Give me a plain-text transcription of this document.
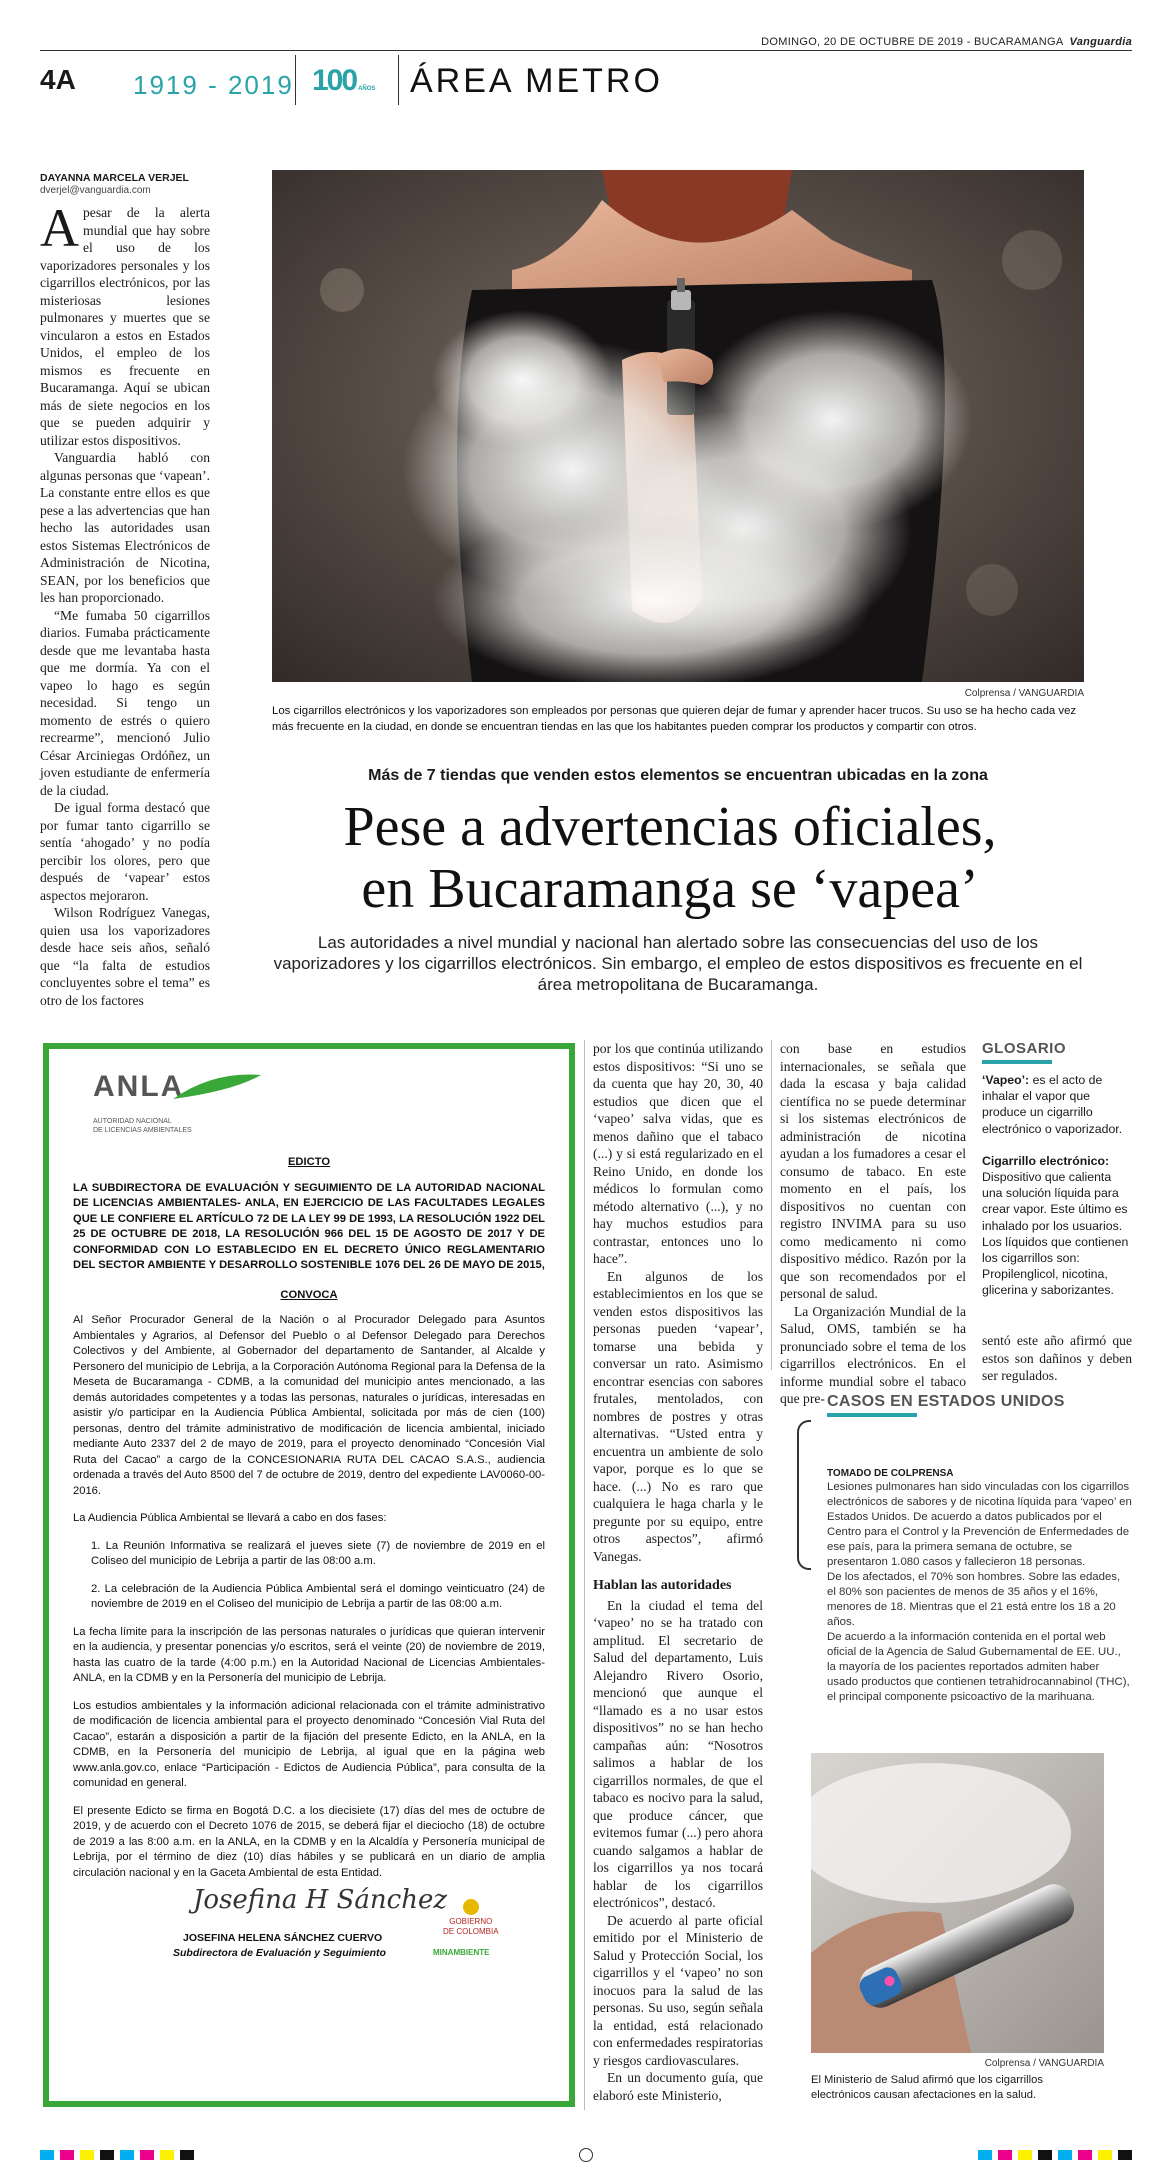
DOMINGO, 20 DE OCTUBRE DE 2019 - BUCARAMANGA Vanguardia
4A 1919 - 2019 100 AÑOS ÁREA METRO
DAYANNA MARCELA VERJEL
dverjel@vanguardia.com

Apesar de la alerta mundial que hay sobre el uso de los vaporizadores personales y los cigarrillos electrónicos, por las misteriosas lesiones pulmonares y muertes que se vincularon a estos en Estados Unidos, el empleo de los mismos es frecuente en Bucaramanga. Aquí se ubican más de siete negocios en los que se pueden adquirir y utilizar estos dispositivos.

Vanguardia habló con algunas personas que ‘vapean’. La constante entre ellos es que pese a las advertencias que han hecho las autoridades usan estos Sistemas Electrónicos de Administración de Nicotina, SEAN, por los beneficios que les han proporcionado.

“Me fumaba 50 cigarrillos diarios. Fumaba prácticamente desde que me levantaba hasta que me dormía. Ya con el vapeo lo hago es según necesidad. Si tengo un momento de estrés o quiero recrearme”, mencionó Julio César Arciniegas Ordóñez, un joven estudiante de enfermería de la ciudad.

De igual forma destacó que por fumar tanto cigarrillo se sentía ‘ahogado’ y no podía percibir los olores, pero que después de ‘vapear’ estos aspectos mejoraron.

Wilson Rodríguez Vanegas, quien usa los vaporizadores desde hace seis años, señaló que “la falta de estudios concluyentes sobre el tema” es otro de los factores

Colprensa / VANGUARDIA
Los cigarrillos electrónicos y los vaporizadores son empleados por personas que quieren dejar de fumar y aprender hacer trucos. Su uso se ha hecho cada vez más frecuente en la ciudad, en donde se encuentran tiendas en las que los habitantes pueden comprar los productos y compartir con otros.
Más de 7 tiendas que venden estos elementos se encuentran ubicadas en la zona
Pese a advertencias oficiales,
en Bucaramanga se ‘vapea’
Las autoridades a nivel mundial y nacional han alertado sobre las consecuencias del uso de los vaporizadores y los cigarrillos electrónicos. Sin embargo, el empleo de estos dispositivos es frecuente en el área metropolitana de Bucaramanga.
ANLA
AUTORIDAD NACIONAL
DE LICENCIAS AMBIENTALES
EDICTO

LA SUBDIRECTORA DE EVALUACIÓN Y SEGUIMIENTO DE LA AUTORIDAD NACIONAL DE LICENCIAS AMBIENTALES- ANLA, EN EJERCICIO DE LAS FACULTADES LEGALES QUE LE CONFIERE EL ARTÍCULO 72 DE LA LEY 99 DE 1993, LA RESOLUCIÓN 1922 DEL 25 DE OCTUBRE DE 2018, LA RESOLUCIÓN 966 DEL 15 DE AGOSTO DE 2017 Y DE CONFORMIDAD CON LO ESTABLECIDO EN EL DECRETO ÚNICO REGLAMENTARIO DEL SECTOR AMBIENTE Y DESARROLLO SOSTENIBLE 1076 DEL 26 DE MAYO DE 2015,

CONVOCA

Al Señor Procurador General de la Nación o al Procurador Delegado para Asuntos Ambientales y Agrarios, al Defensor del Pueblo o al Defensor Delegado para Derechos Colectivos y del Ambiente, al Gobernador del departamento de Santander, al Alcalde y Personero del municipio de Lebrija, a la Corporación Autónoma Regional para la Defensa de la Meseta de Bucaramanga - CDMB, a la comunidad del municipio antes mencionado, a las demás autoridades competentes y a todas las personas, naturales o jurídicas, interesadas en asistir y/o participar en la Audiencia Pública Ambiental, solicitada por más de cien (100) personas, dentro del trámite administrativo de modificación de licencia ambiental, iniciado mediante Auto 2337 del 2 de mayo de 2019, para el proyecto denominado “Concesión Vial Ruta del Cacao” a cargo de la CONCESIONARIA RUTA DEL CACAO S.A.S., audiencia ordenada a través del Auto 8500 del 7 de octubre de 2019, dentro del expediente LAV0060-00-2016.

La Audiencia Pública Ambiental se llevará a cabo en dos fases:

1. La Reunión Informativa se realizará el jueves siete (7) de noviembre de 2019 en el Coliseo del municipio de Lebrija a partir de las 08:00 a.m.

2. La celebración de la Audiencia Pública Ambiental será el domingo veinticuatro (24) de noviembre de 2019 en el Coliseo del municipio de Lebrija a partir de las 08:00 a.m.

La fecha límite para la inscripción de las personas naturales o jurídicas que quieran intervenir en la audiencia, y presentar ponencias y/o escritos, será el veinte (20) de noviembre de 2019, hasta las cuatro de la tarde (4:00 p.m.) en la Autoridad Nacional de Licencias Ambientales- ANLA, en la CDMB y en la Personería del municipio de Lebrija.

Los estudios ambientales y la información adicional relacionada con el trámite administrativo de modificación de licencia ambiental para el proyecto denominado “Concesión Vial Ruta del Cacao”, estarán a disposición a partir de la fijación del presente Edicto, en la ANLA, en la CDMB, en la Personería del municipio de Lebrija, al igual que en la página web www.anla.gov.co, enlace “Participación - Edictos de Audiencia Pública”, para consulta de la comunidad en general.

El presente Edicto se firma en Bogotá D.C. a los diecisiete (17) días del mes de octubre de 2019, y de acuerdo con el Decreto 1076 de 2015, se deberá fijar el dieciocho (18) de octubre de 2019 a las 8:00 a.m. en la ANLA, en la CDMB y en la Alcaldía y Personería municipal de Lebrija, por el término de diez (10) días hábiles y se publicará en un diario de amplia circulación nacional y en la Gaceta Ambiental de esta Entidad.

Josefina H Sánchez
JOSEFINA HELENA SÁNCHEZ CUERVO
Subdirectora de Evaluación y Seguimiento
GOBIERNO
DE COLOMBIA
MINAMBIENTE

por los que continúa utilizando estos dispositivos: “Si uno se da cuenta que hay 20, 30, 40 estudios que dicen que el ‘vapeo’ salva vidas, que es menos dañino que el tabaco (...) y si está regularizado en el Reino Unido, en donde los médicos lo formulan como método alternativo (...), y no hay muchos estudios para contrastar, entonces uno lo hace”.

En algunos de los establecimientos en los que se venden estos dispositivos las personas pueden ‘vapear’, tomarse una bebida y conversar un rato. Asimismo encontrar esencias con sabores frutales, mentolados, con nombres de postres y otras alternativas. “Usted entra y encuentra un ambiente de solo vapor, porque es lo que se hace. (...) No es raro que cualquiera le haga charla y le pregunte por su equipo, entre otros aspectos”, afirmó Vanegas.

Hablan las autoridades

En la ciudad el tema del ‘vapeo’ no se ha tratado con amplitud. El secretario de Salud del departamento, Luis Alejandro Rivero Osorio, mencionó que aunque el “llamado es a no usar estos dispositivos” no se han hecho campañas aún: “Nosotros salimos a hablar de los cigarrillos normales, de que el tabaco es nocivo para la salud, que produce cáncer, que evitemos fumar (...) pero ahora cuando salgamos a hablar de los cigarrillos ya nos tocará hablar de los cigarrillos electrónicos”, destacó.

De acuerdo al parte oficial emitido por el Ministerio de Salud y Protección Social, los cigarrillos y el ‘vapeo’ no son inocuos para la salud de las personas. Su uso, según señala la entidad, está relacionado con enfermedades respiratorias y riesgos cardiovasculares.

En un documento guía, que elaboró este Ministerio,

con base en estudios internacionales, se señala que dada la escasa y baja calidad científica no se puede determinar si los sistemas electrónicos de administración de nicotina ayudan a los fumadores a cesar el consumo de tabaco. En este momento en el país, los dispositivos no cuentan con registro INVIMA para su uso como medicamento ni como dispositivo médico. Razón por la que son recomendados por el personal de salud.

La Organización Mundial de la Salud, OMS, también se ha pronunciado sobre el tema de los cigarrillos electrónicos. En el informe mundial sobre el tabaco que pre-

GLOSARIO

‘Vapeo’: es el acto de inhalar el vapor que produce un cigarrillo electrónico o vaporizador.

Cigarrillo electrónico: Dispositivo que calienta una solución líquida para crear vapor. Este último es inhalado por los usuarios. Los líquidos que contienen los cigarrillos son: Propilenglicol, nicotina, glicerina y saborizantes.

sentó este año afirmó que estos son dañinos y deben ser regulados.

CASOS EN ESTADOS UNIDOS
TOMADO DE COLPRENSA

Lesiones pulmonares han sido vinculadas con los cigarrillos electrónicos de sabores y de nicotina líquida para ‘vapeo’ en Estados Unidos. De acuerdo a datos publicados por el Centro para el Control y la Prevención de Enfermedades de ese país, para la primera semana de octubre, se presentaron 1.080 casos y fallecieron 18 personas.

De los afectados, el 70% son hombres. Sobre las edades, el 80% son pacientes de menos de 35 años y el 16%, menores de 18. Mientras que el 21 está entre los 18 a 20 años.

De acuerdo a la información contenida en el portal web oficial de la Agencia de Salud Gubernamental de EE. UU., la mayoría de los pacientes reportados admiten haber usado productos que contienen tetrahidrocannabinol (THC), el principal componente psicoactivo de la marihuana.

Colprensa / VANGUARDIA
El Ministerio de Salud afirmó que los cigarrillos electrónicos causan afectaciones en la salud.
